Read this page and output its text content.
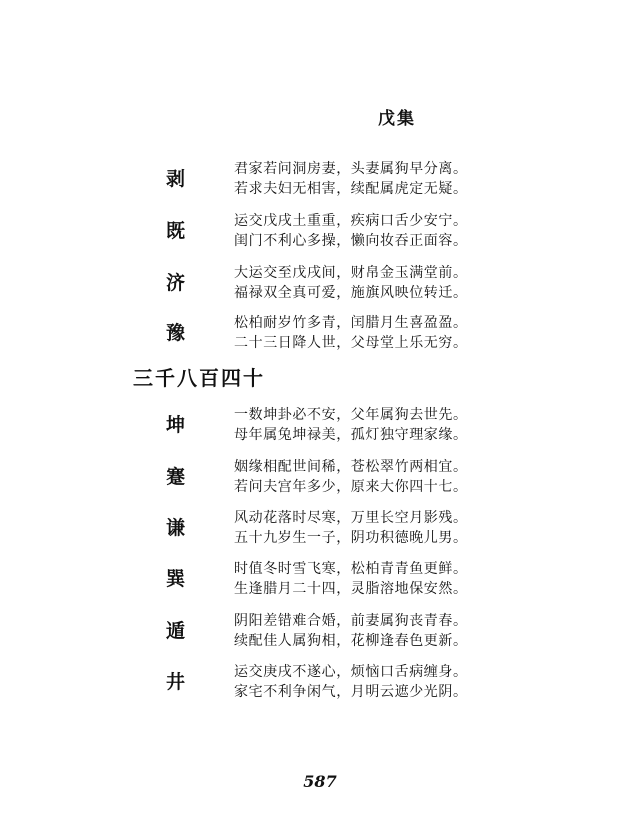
戊集
剥	君家若问洞房妻，头妻属狗早分离。
若求夫妇无相害，续配属虎定无疑。
既	运交戊戌土重重，疾病口舌少安宁。
闺门不利心多操，懒向妆吞正面容。
济	大运交至戊戌间，财帛金玉满堂前。
福禄双全真可爱，施旗风映位转迁。
豫	松柏耐岁竹多青，闰腊月生喜盈盈。
二十三日降人世，父母堂上乐无穷。
三千八百四十
坤	一数坤卦必不安，父年属狗去世先。
母年属兔坤禄美，孤灯独守理家缘。
蹇	姻缘相配世间稀，苍松翠竹两相宜。
若问夫宫年多少，原来大你四十七。
谦	风动花落时尽寒，万里长空月影残。
五十九岁生一子，阴功积德晚儿男。
巽	时值冬时雪飞寒，松柏青青鱼更鲜。
生逢腊月二十四，灵脂溶地保安然。
遁	阴阳差错难合婚，前妻属狗丧青春。
续配佳人属狗相，花柳逢春色更新。
井	运交庚戌不遂心，烦恼口舌病缠身。
家宅不利争闲气，月明云遮少光阴。
587
